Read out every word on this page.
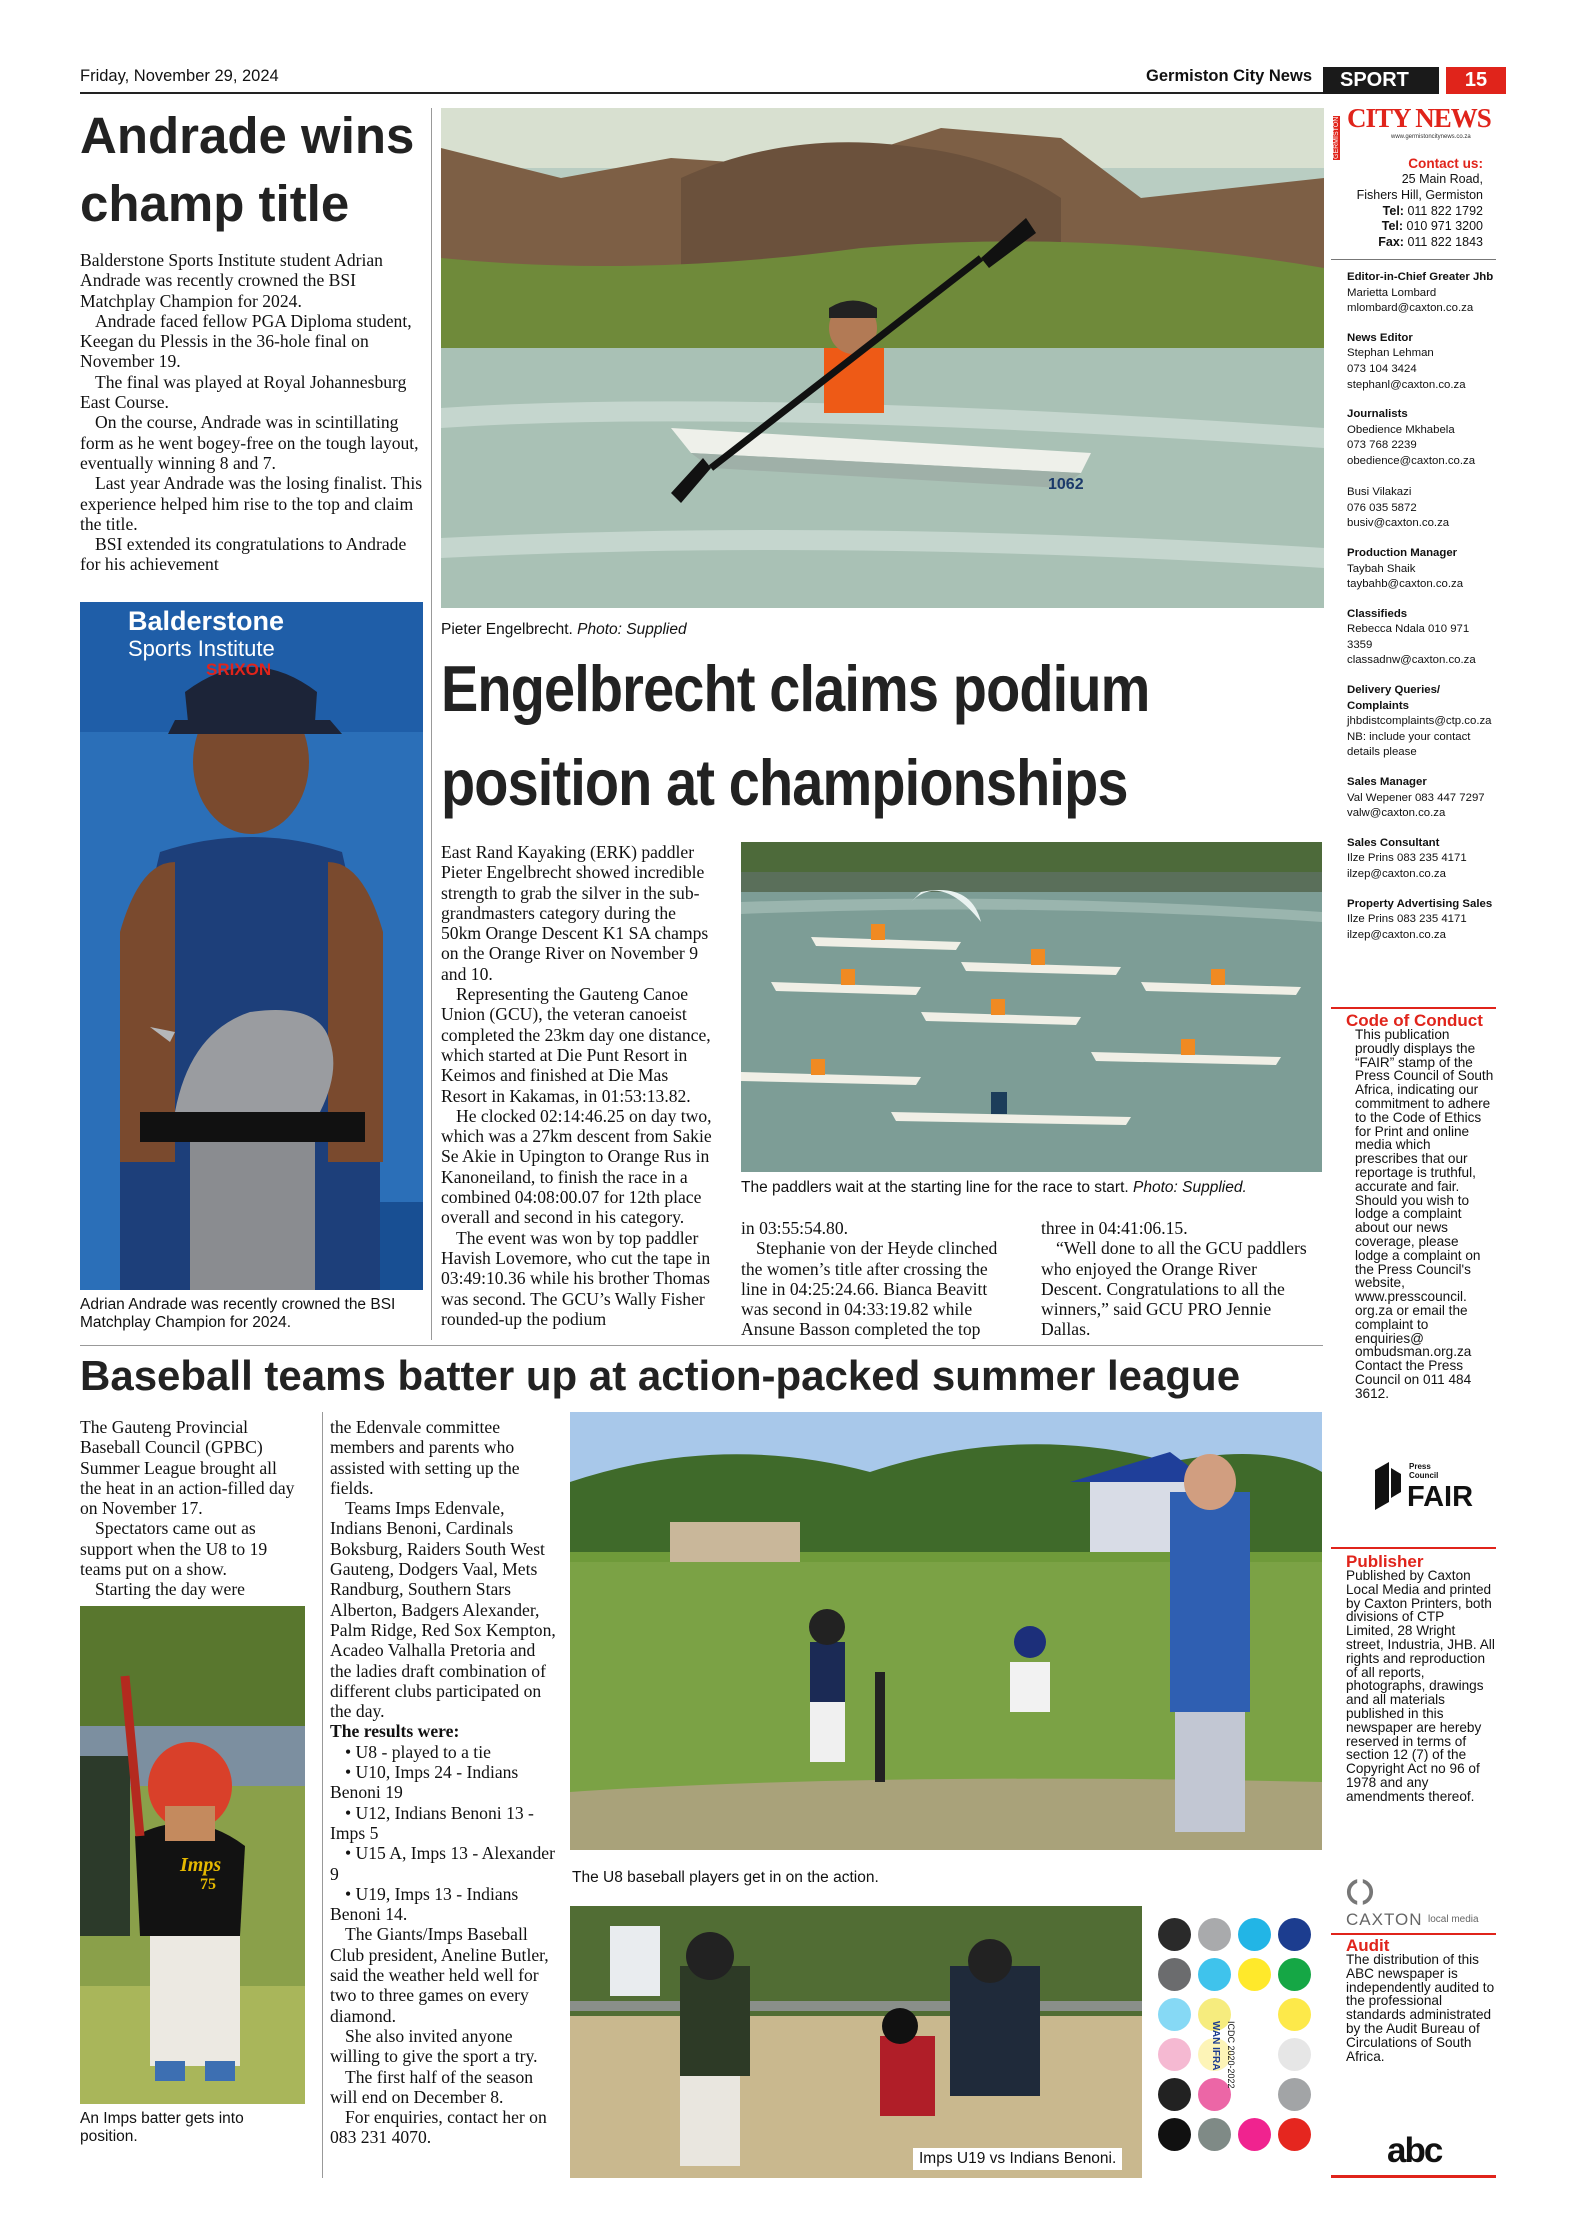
Friday, November 29, 2024	Germiston City News SPORT	15
Andrade wins champ title

Balderstone Sports Institute student Adrian Andrade was recently crowned the BSI Matchplay Champion for 2024.

Andrade faced fellow PGA Diploma student, Keegan du Plessis in the 36-hole final on November 19.

The final was played at Royal Johannesburg East Course.

On the course, Andrade was in scintillating form as he went bogey-free on the tough layout, eventually winning 8 and 7.

Last year Andrade was the losing finalist. This experience helped him rise to the top and claim the title.

BSI extended its congratulations to Andrade for his achievement

Balderstone
Sports Institute
SRIXON
Adrian Andrade was recently crowned the BSI Matchplay Champion for 2024.
1062
Pieter Engelbrecht. Photo: Supplied
Engelbrecht claims podium position at championships

East Rand Kayaking (ERK) paddler Pieter Engelbrecht showed incredible strength to grab the silver in the sub-grandmasters category during the 50km Orange Descent K1 SA champs on the Orange River on November 9 and 10.

Representing the Gauteng Canoe Union (GCU), the veteran canoeist completed the 23km day one distance, which started at Die Punt Resort in Keimos and finished at Die Mas Resort in Kakamas, in 01:53:13.82.

He clocked 02:14:46.25 on day two, which was a 27km descent from Sakie Se Akie in Upington to Orange Rus in Kanoneiland, to finish the race in a combined 04:08:00.07 for 12th place overall and second in his category.

The event was won by top paddler Havish Lovemore, who cut the tape in 03:49:10.36 while his brother Thomas was second. The GCU’s Wally Fisher rounded-up the podium

The paddlers wait at the starting line for the race to start. Photo: Supplied.

in 03:55:54.80.

Stephanie von der Heyde clinched the women’s title after crossing the line in 04:25:24.66. Bianca Beavitt was second in 04:33:19.82 while Ansune Basson completed the top

three in 04:41:06.15.

“Well done to all the GCU paddlers who enjoyed the Orange River Descent. Congratulations to all the winners,” said GCU PRO Jennie Dallas.

Baseball teams batter up at action-packed summer league

The Gauteng Provincial Baseball Council (GPBC) Summer League brought all the heat in an action-filled day on November 17.

Spectators came out as support when the U8 to 19 teams put on a show.

Starting the day were

Imps
75
An Imps batter gets into position.

the Edenvale committee members and parents who assisted with setting up the fields.

Teams Imps Edenvale, Indians Benoni, Cardinals Boksburg, Raiders South West Gauteng, Dodgers Vaal, Mets Randburg, Southern Stars Alberton, Badgers Alexander, Palm Ridge, Red Sox Kempton, Acadeo Valhalla Pretoria and the ladies draft combination of different clubs participated on the day.

The results were:

• U8 - played to a tie

• U10, Imps 24 - Indians Benoni 19

• U12, Indians Benoni 13 - Imps 5

• U15 A, Imps 13 - Alexander 9

• U19, Imps 13 - Indians Benoni 14.

The Giants/Imps Baseball Club president, Aneline Butler, said the weather held well for two to three games on every diamond.

She also invited anyone willing to give the sport a try.

The first half of the season will end on December 8.

For enquiries, contact her on 083 231 4070.

The U8 baseball players get in on the action.
Imps U19 vs Indians Benoni.
WAN IFRA ICDC 2020-2022
GERMISTON CITY NEWS
www.germistoncitynews.co.za
Contact us:
25 Main Road,
Fishers Hill, Germiston
Tel: 011 822 1792
Tel: 010 971 3200
Fax: 011 822 1843
Editor-in-Chief Greater Jhb
Marietta Lombard
mlombard@caxton.co.za
News Editor
Stephan Lehman
073 104 3424
stephanl@caxton.co.za
Journalists
Obedience Mkhabela
073 768 2239
obedience@caxton.co.za
Busi Vilakazi
076 035 5872
busiv@caxton.co.za
Production Manager
Taybah Shaik
taybahb@caxton.co.za
Classifieds
Rebecca Ndala 010 971 3359
classadnw@caxton.co.za
Delivery Queries/ Complaints
jhbdistcomplaints@ctp.co.za
NB: include your contact
details please
Sales Manager
Val Wepener 083 447 7297
valw@caxton.co.za
Sales Consultant
Ilze Prins 083 235 4171
ilzep@caxton.co.za
Property Advertising Sales
Ilze Prins 083 235 4171
ilzep@caxton.co.za
Code of Conduct
This publication proudly displays the “FAIR” stamp of the Press Council of South Africa, indicating our commitment to adhere to the Code of Ethics for Print and online media which prescribes that our reportage is truthful, accurate and fair. Should you wish to lodge a complaint about our news coverage, please lodge a complaint on the Press Council's website, www.presscouncil. org.za or email the complaint to enquiries@ ombudsman.org.za Contact the Press Council on 011 484 3612.
Press Council
FAIR
Publisher
Published by Caxton Local Media and printed by Caxton Printers, both divisions of CTP Limited, 28 Wright street, Industria, JHB. All rights and reproduction of all reports, photographs, drawings and all materials published in this newspaper are hereby reserved in terms of section 12 (7) of the Copyright Act no 96 of 1978 and any amendments thereof.
CAXTON local media
Audit
The distribution of this ABC newspaper is independently audited to the professional standards administrated by the Audit Bureau of Circulations of South Africa.
abc
